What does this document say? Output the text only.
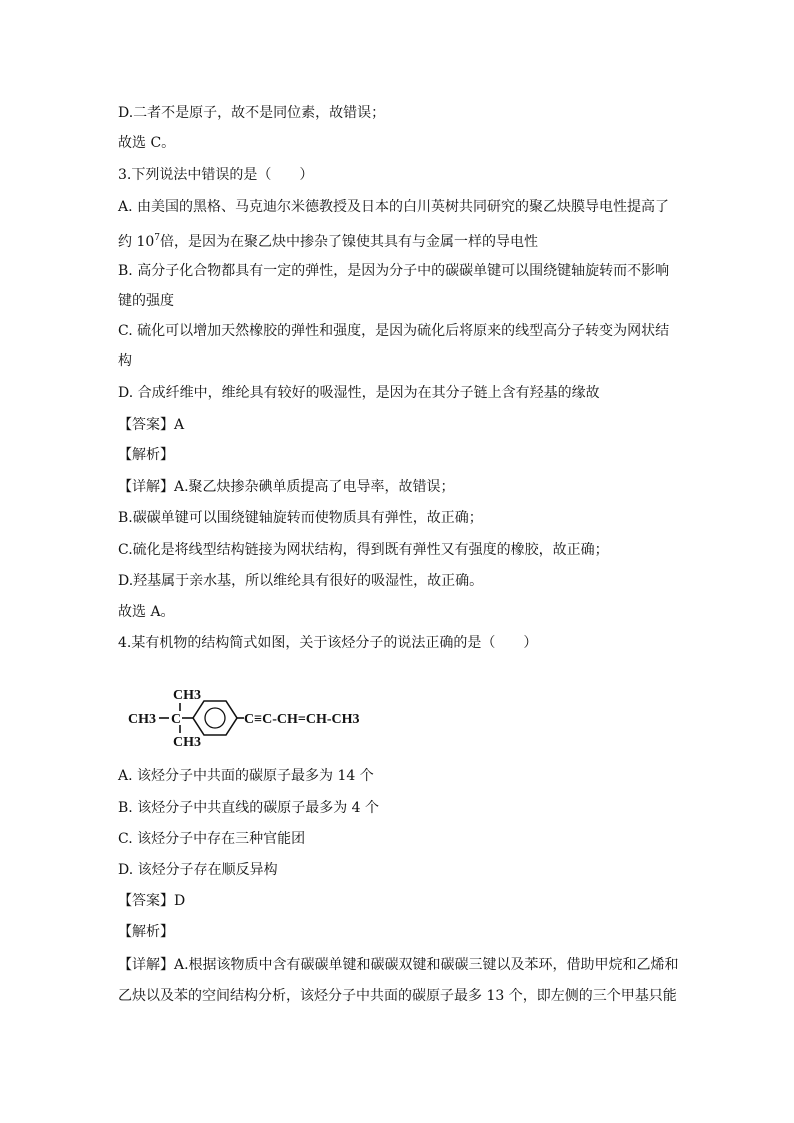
D.二者不是原子，故不是同位素，故错误；
故选 C。
3.下列说法中错误的是（　　）
A. 由美国的黑格、马克迪尔米德教授及日本的白川英树共同研究的聚乙炔膜导电性提高了
约 $10^7$倍，是因为在聚乙炔中掺杂了镍使其具有与金属一样的导电性
B. 高分子化合物都具有一定的弹性，是因为分子中的碳碳单键可以围绕键轴旋转而不影响
键的强度
C. 硫化可以增加天然橡胶的弹性和强度，是因为硫化后将原来的线型高分子转变为网状结
构
D. 合成纤维中，维纶具有较好的吸湿性，是因为在其分子链上含有羟基的缘故
【答案】A
【解析】
【详解】A.聚乙炔掺杂碘单质提高了电导率，故错误；
B.碳碳单键可以围绕键轴旋转而使物质具有弹性，故正确；
C.硫化是将线型结构链接为网状结构，得到既有弹性又有强度的橡胶，故正确；
D.羟基属于亲水基，所以维纶具有很好的吸湿性，故正确。
故选 A。
4.某有机物的结构简式如图，关于该烃分子的说法正确的是（　　）
CH3
CH3 C
CH3
C≡C-CH=CH-CH3
A. 该烃分子中共面的碳原子最多为 14 个
B. 该烃分子中共直线的碳原子最多为 4 个
C. 该烃分子中存在三种官能团
D. 该烃分子存在顺反异构
【答案】D
【解析】
【详解】A.根据该物质中含有碳碳单键和碳碳双键和碳碳三键以及苯环，借助甲烷和乙烯和
乙炔以及苯的空间结构分析，该烃分子中共面的碳原子最多 13 个，即左侧的三个甲基只能
